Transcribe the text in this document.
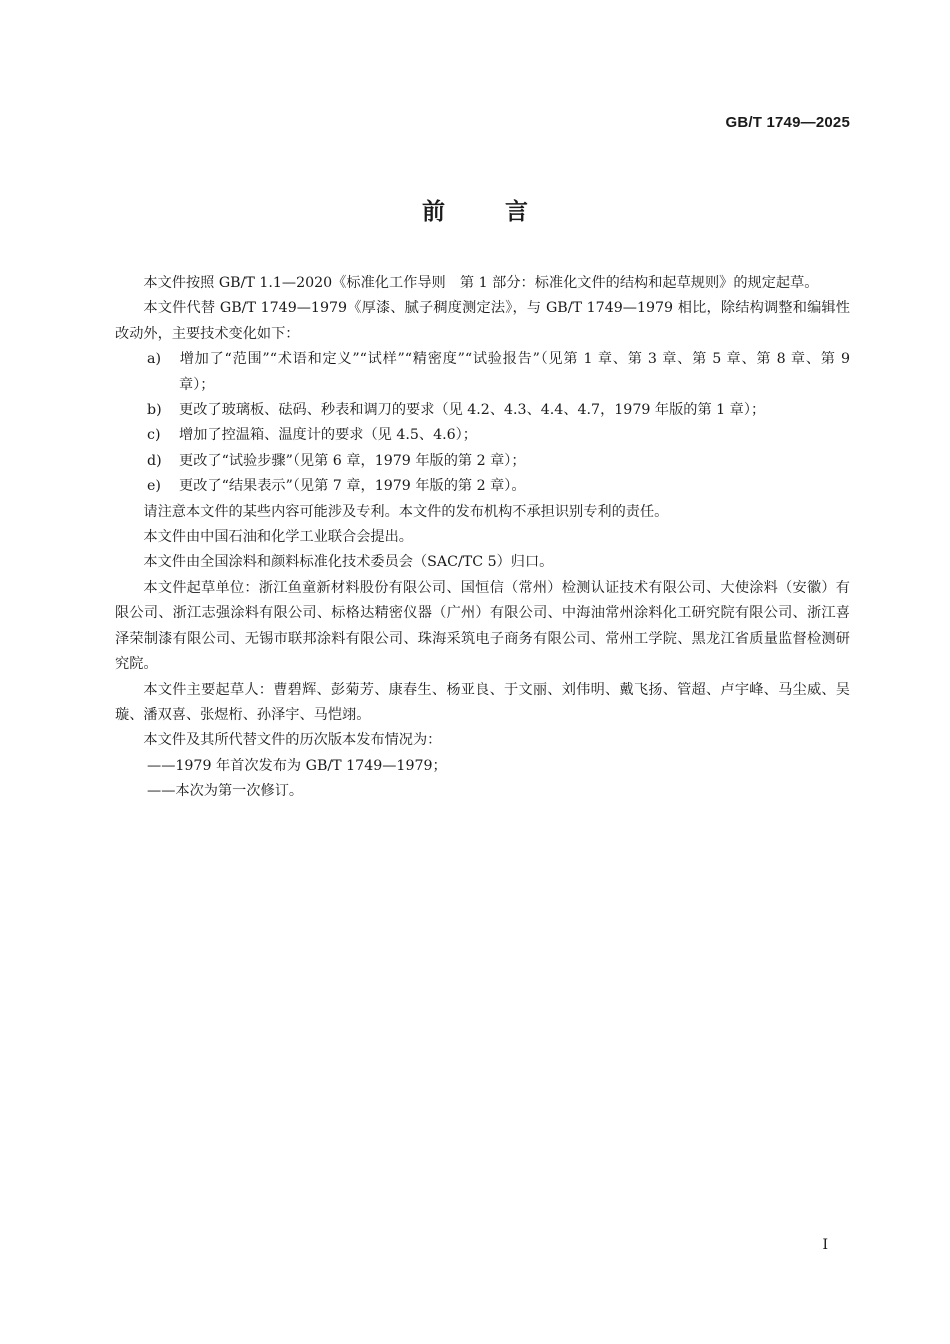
GB/T 1749—2025
前言

本文件按照 GB/T 1.1—2020《标准化工作导则　第 1 部分：标准化文件的结构和起草规则》的规定起草。

本文件代替 GB/T 1749—1979《厚漆、腻子稠度测定法》，与 GB/T 1749—1979 相比，除结构调整和编辑性改动外，主要技术变化如下：

a) 增加了“范围”“术语和定义”“试样”“精密度”“试验报告”（见第 1 章、第 3 章、第 5 章、第 8 章、第 9 章）；

b) 更改了玻璃板、砝码、秒表和调刀的要求（见 4.2、4.3、4.4、4.7，1979 年版的第 1 章）；

c) 增加了控温箱、温度计的要求（见 4.5、4.6）；

d) 更改了“试验步骤”（见第 6 章，1979 年版的第 2 章）；

e) 更改了“结果表示”（见第 7 章，1979 年版的第 2 章）。

请注意本文件的某些内容可能涉及专利。本文件的发布机构不承担识别专利的责任。

本文件由中国石油和化学工业联合会提出。

本文件由全国涂料和颜料标准化技术委员会（SAC/TC 5）归口。

本文件起草单位：浙江鱼童新材料股份有限公司、国恒信（常州）检测认证技术有限公司、大使涂料（安徽）有限公司、浙江志强涂料有限公司、标格达精密仪器（广州）有限公司、中海油常州涂料化工研究院有限公司、浙江喜泽荣制漆有限公司、无锡市联邦涂料有限公司、珠海采筑电子商务有限公司、常州工学院、黑龙江省质量监督检测研究院。

本文件主要起草人：曹碧辉、彭菊芳、康春生、杨亚良、于文丽、刘伟明、戴飞扬、管超、卢宇峰、马尘威、吴璇、潘双喜、张煜桁、孙泽宇、马恺翊。

本文件及其所代替文件的历次版本发布情况为：

——1979 年首次发布为 GB/T 1749—1979；

——本次为第一次修订。

I
